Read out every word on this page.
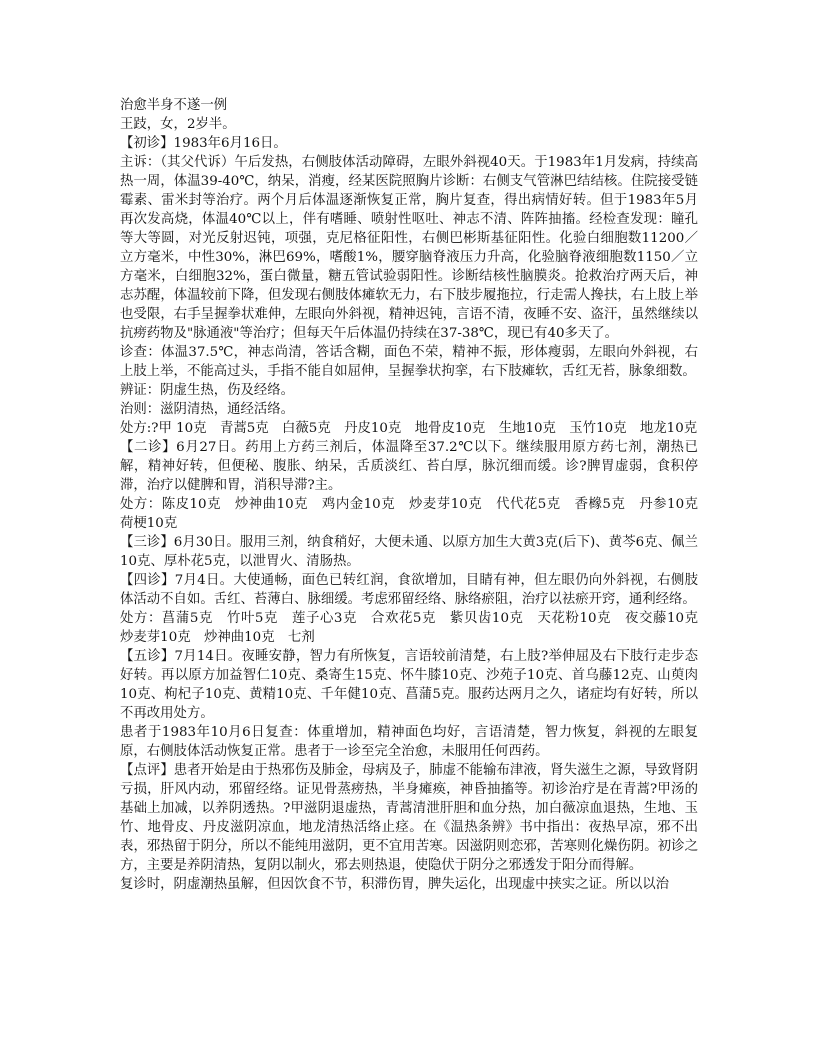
治愈半身不遂一例

王跂，女，2岁半。

【初诊】1983年6月16日。

主诉：（其父代诉）午后发热，右侧肢体活动障碍，左眼外斜视40天。于1983年1月发病，持续高热一周，体温39-40℃，纳呆，消瘦，经某医院照胸片诊断：右侧支气管淋巴结结核。住院接受链霉素、雷米封等治疗。两个月后体温逐渐恢复正常，胸片复查，得出病情好转。但于1983年5月再次发高烧，体温40℃以上，伴有嗜睡、喷射性呕吐、神志不清、阵阵抽搐。经检查发现：瞳孔等大等圆，对光反射迟钝，项强，克尼格征阳性，右侧巴彬斯基征阳性。化验白细胞数11200／立方毫米，中性30%，淋巴69%，嗜酸1%，腰穿脑脊液压力升高，化验脑脊液细胞数1150／立方毫米，白细胞32%，蛋白微量，糖五管试验弱阳性。诊断结核性脑膜炎。抢救治疗两天后，神志苏醒，体温较前下降，但发现右侧肢体瘫软无力，右下肢步履拖拉，行走需人搀扶，右上肢上举也受限，右手呈握拳状难伸，左眼向外斜视，精神迟钝，言语不清，夜睡不安、盗汗，虽然继续以抗痨药物及"脉通液"等治疗；但每天午后体温仍持续在37-38℃，现已有40多天了。

诊查：体温37.5℃，神志尚清，答话含糊，面色不荣，精神不振，形体瘦弱，左眼向外斜视，右上肢上举，不能高过头，手指不能自如屈伸，呈握拳状拘挛，右下肢瘫软，舌红无苔，脉象细数。

辨证：阴虚生热，伤及经络。

治则：滋阴清热，通经活络。

处方:?甲 10克　青蒿5克　白薇5克　丹皮10克　地骨皮10克　生地10克　玉竹10克　地龙10克

【二诊】6月27日。药用上方药三剂后，体温降至37.2℃以下。继续服用原方药七剂，潮热已解，精神好转，但便秘、腹胀、纳呆，舌质淡红、苔白厚，脉沉细而缓。诊?脾胃虚弱，食积停滞，治疗以健脾和胃，消积导滞?主。

处方：陈皮10克　炒神曲10克　鸡内金10克　炒麦芽10克　代代花5克　香橼5克　丹参10克　荷梗10克

【三诊】6月30日。服用三剂，纳食稍好，大便未通、以原方加生大黄3克(后下)、黄芩6克、佩兰10克、厚朴花5克，以泄胃火、清肠热。

【四诊】7月4日。大使通畅，面色已转红润，食欲增加，目睛有神，但左眼仍向外斜视，右侧肢体活动不自如。舌红、苔薄白、脉细缓。考虑邪留经络、脉络瘀阻，治疗以祛瘀开窍，通利经络。

处方：菖蒲5克　竹叶5克　莲子心3克　合欢花5克　紫贝齿10克　天花粉10克　夜交藤10克　炒麦芽10克　炒神曲10克　七剂

【五诊】7月14日。夜睡安静，智力有所恢复，言语较前清楚，右上肢?举伸屈及右下肢行走步态好转。再以原方加益智仁10克、桑寄生15克、怀牛膝10克、沙苑子10克、首乌藤12克、山萸肉10克、枸杞子10克、黄精10克、千年健10克、菖蒲5克。服药达两月之久，诸症均有好转，所以不再改用处方。

患者于1983年10月6日复查：体重增加，精神面色均好，言语清楚，智力恢复，斜视的左眼复原，右侧肢体活动恢复正常。患者于一诊至完全治愈，未服用任何西药。

【点评】患者开始是由于热邪伤及肺金，母病及子，肺虚不能输布津液，肾失滋生之源，导致肾阴亏损，肝风内动，邪留经络。证见骨蒸痨热，半身瘫痪，神昏抽搐等。初诊治疗是在青蒿?甲汤的基础上加减，以养阴透热。?甲滋阴退虚热，青蒿清泄肝胆和血分热，加白薇凉血退热，生地、玉竹、地骨皮、丹皮滋阴凉血，地龙清热活络止痉。在《温热条辨》书中指出：夜热早凉，邪不出表，邪热留于阴分，所以不能纯用滋阴，更不宜用苦寒。因滋阴则恋邪，苦寒则化燥伤阴。初诊之方，主要是养阴清热，复阴以制火，邪去则热退，使隐伏于阴分之邪透发于阳分而得解。

复诊时，阴虚潮热虽解，但因饮食不节，积滞伤胃，脾失运化，出现虚中挟实之证。所以以治
